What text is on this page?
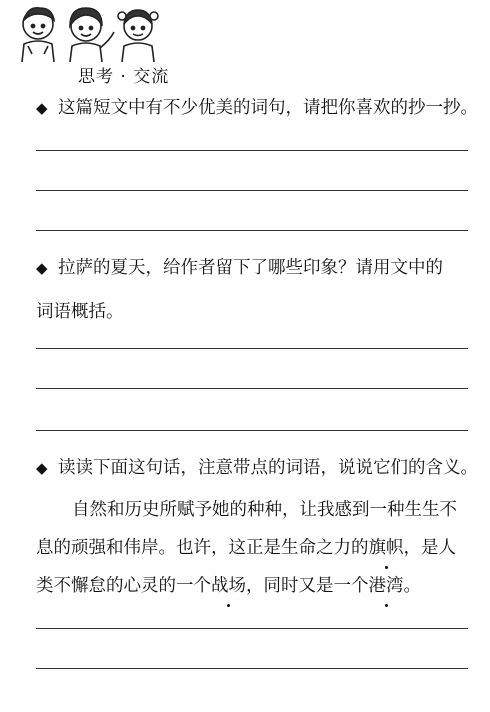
思考 · 交流
◆ 这篇短文中有不少优美的词句，请把你喜欢的抄一抄。
◆ 拉萨的夏天，给作者留下了哪些印象？请用文中的
词语概括。
◆ 读读下面这句话，注意带点的词语，说说它们的含义。
自然和历史所赋予她的种种，让我感到一种生生不
息的顽强和伟岸。也许，这正是生命之力的旗帜，是人
类不懈怠的心灵的一个战场，同时又是一个港湾。
